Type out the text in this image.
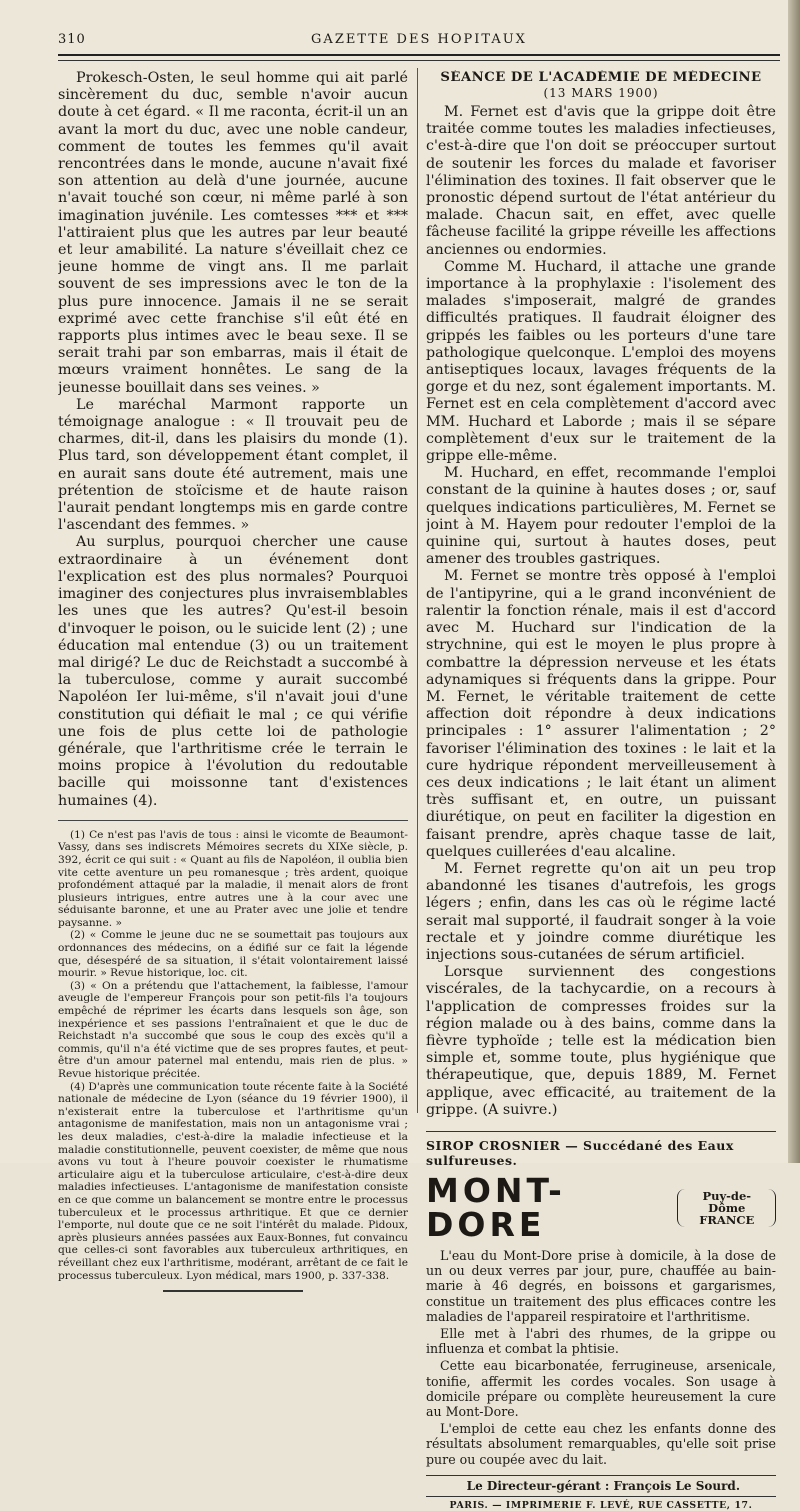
310	GAZETTE DES HOPITAUX

Prokesch-Osten, le seul homme qui ait parlé sincèrement du duc, semble n'avoir aucun doute à cet égard. « Il me raconta, écrit-il un an avant la mort du duc, avec une noble candeur, comment de toutes les femmes qu'il avait rencontrées dans le monde, aucune n'avait fixé son attention au delà d'une journée, aucune n'avait touché son cœur, ni même parlé à son imagination juvénile. Les comtesses *** et *** l'attiraient plus que les autres par leur beauté et leur amabilité. La nature s'éveillait chez ce jeune homme de vingt ans. Il me parlait souvent de ses impressions avec le ton de la plus pure innocence. Jamais il ne se serait exprimé avec cette franchise s'il eût été en rapports plus intimes avec le beau sexe. Il se serait trahi par son embarras, mais il était de mœurs vraiment honnêtes. Le sang de la jeunesse bouillait dans ses veines. »

Le maréchal Marmont rapporte un témoignage analogue : « Il trouvait peu de charmes, dit-il, dans les plaisirs du monde (1). Plus tard, son développement étant complet, il en aurait sans doute été autrement, mais une prétention de stoïcisme et de haute raison l'aurait pendant longtemps mis en garde contre l'ascendant des femmes. »

Au surplus, pourquoi chercher une cause extraordinaire à un événement dont l'explication est des plus normales? Pourquoi imaginer des conjectures plus invraisemblables les unes que les autres? Qu'est-il besoin d'invoquer le poison, ou le suicide lent (2) ; une éducation mal entendue (3) ou un traitement mal dirigé? Le duc de Reichstadt a succombé à la tuberculose, comme y aurait succombé Napoléon Ier lui-même, s'il n'avait joui d'une constitution qui défiait le mal ; ce qui vérifie une fois de plus cette loi de pathologie générale, que l'arthritisme crée le terrain le moins propice à l'évolution du redoutable bacille qui moissonne tant d'existences humaines (4).

(1) Ce n'est pas l'avis de tous : ainsi le vicomte de Beaumont-Vassy, dans ses indiscrets Mémoires secrets du XIXe siècle, p. 392, écrit ce qui suit : « Quant au fils de Napoléon, il oublia bien vite cette aventure un peu romanesque ; très ardent, quoique profondément attaqué par la maladie, il menait alors de front plusieurs intrigues, entre autres une à la cour avec une séduisante baronne, et une au Prater avec une jolie et tendre paysanne. »

(2) « Comme le jeune duc ne se soumettait pas toujours aux ordonnances des médecins, on a édifié sur ce fait la légende que, désespéré de sa situation, il s'était volontairement laissé mourir. » Revue historique, loc. cit.

(3) « On a prétendu que l'attachement, la faiblesse, l'amour aveugle de l'empereur François pour son petit-fils l'a toujours empêché de réprimer les écarts dans lesquels son âge, son inexpérience et ses passions l'entraînaient et que le duc de Reichstadt n'a succombé que sous le coup des excès qu'il a commis, qu'il n'a été victime que de ses propres fautes, et peut-être d'un amour paternel mal entendu, mais rien de plus. » Revue historique précitée.

(4) D'après une communication toute récente faite à la Société nationale de médecine de Lyon (séance du 19 février 1900), il n'existerait entre la tuberculose et l'arthritisme qu'un antagonisme de manifestation, mais non un antagonisme vrai ; les deux maladies, c'est-à-dire la maladie infectieuse et la maladie constitutionnelle, peuvent coexister, de même que nous avons vu tout à l'heure pouvoir coexister le rhumatisme articulaire aigu et la tuberculose articulaire, c'est-à-dire deux maladies infectieuses. L'antagonisme de manifestation consiste en ce que comme un balancement se montre entre le processus tuberculeux et le processus arthritique. Et que ce dernier l'emporte, nul doute que ce ne soit l'intérêt du malade. Pidoux, après plusieurs années passées aux Eaux-Bonnes, fut convaincu que celles-ci sont favorables aux tuberculeux arthritiques, en réveillant chez eux l'arthritisme, modérant, arrêtant de ce fait le processus tuberculeux. Lyon médical, mars 1900, p. 337-338.

SÉANCE DE L'ACADÉMIE DE MÉDECINE
(13 MARS 1900)

M. Fernet est d'avis que la grippe doit être traitée comme toutes les maladies infectieuses, c'est-à-dire que l'on doit se préoccuper surtout de soutenir les forces du malade et favoriser l'élimination des toxines. Il fait observer que le pronostic dépend surtout de l'état antérieur du malade. Chacun sait, en effet, avec quelle fâcheuse facilité la grippe réveille les affections anciennes ou endormies.

Comme M. Huchard, il attache une grande importance à la prophylaxie : l'isolement des malades s'imposerait, malgré de grandes difficultés pratiques. Il faudrait éloigner des grippés les faibles ou les porteurs d'une tare pathologique quelconque. L'emploi des moyens antiseptiques locaux, lavages fréquents de la gorge et du nez, sont également importants. M. Fernet est en cela complètement d'accord avec MM. Huchard et Laborde ; mais il se sépare complètement d'eux sur le traitement de la grippe elle-même.

M. Huchard, en effet, recommande l'emploi constant de la quinine à hautes doses ; or, sauf quelques indications particulières, M. Fernet se joint à M. Hayem pour redouter l'emploi de la quinine qui, surtout à hautes doses, peut amener des troubles gastriques.

M. Fernet se montre très opposé à l'emploi de l'antipyrine, qui a le grand inconvénient de ralentir la fonction rénale, mais il est d'accord avec M. Huchard sur l'indication de la strychnine, qui est le moyen le plus propre à combattre la dépression nerveuse et les états adynamiques si fréquents dans la grippe. Pour M. Fernet, le véritable traitement de cette affection doit répondre à deux indications principales : 1° assurer l'alimentation ; 2° favoriser l'élimination des toxines : le lait et la cure hydrique répondent merveilleusement à ces deux indications ; le lait étant un aliment très suffisant et, en outre, un puissant diurétique, on peut en faciliter la digestion en faisant prendre, après chaque tasse de lait, quelques cuillerées d'eau alcaline.

M. Fernet regrette qu'on ait un peu trop abandonné les tisanes d'autrefois, les grogs légers ; enfin, dans les cas où le régime lacté serait mal supporté, il faudrait songer à la voie rectale et y joindre comme diurétique les injections sous-cutanées de sérum artificiel.

Lorsque surviennent des congestions viscérales, de la tachycardie, on a recours à l'application de compresses froides sur la région malade ou à des bains, comme dans la fièvre typhoïde ; telle est la médication bien simple et, somme toute, plus hygiénique que thérapeutique, que, depuis 1889, M. Fernet applique, avec efficacité, au traitement de la grippe. (A suivre.)

SIROP CROSNIER — Succédané des Eaux sulfureuses.
MONT-DORE
Puy-de-Dôme
FRANCE

L'eau du Mont-Dore prise à domicile, à la dose de un ou deux verres par jour, pure, chauffée au bain-marie à 46 degrés, en boissons et gargarismes, constitue un traitement des plus efficaces contre les maladies de l'appareil respiratoire et l'arthritisme.

Elle met à l'abri des rhumes, de la grippe ou influenza et combat la phtisie.

Cette eau bicarbonatée, ferrugineuse, arsenicale, tonifie, affermit les cordes vocales. Son usage à domicile prépare ou complète heureusement la cure au Mont-Dore.

L'emploi de cette eau chez les enfants donne des résultats absolument remarquables, qu'elle soit prise pure ou coupée avec du lait.

Le Directeur-gérant : François Le Sourd.
PARIS. — IMPRIMERIE F. LEVÉ, RUE CASSETTE, 17.
